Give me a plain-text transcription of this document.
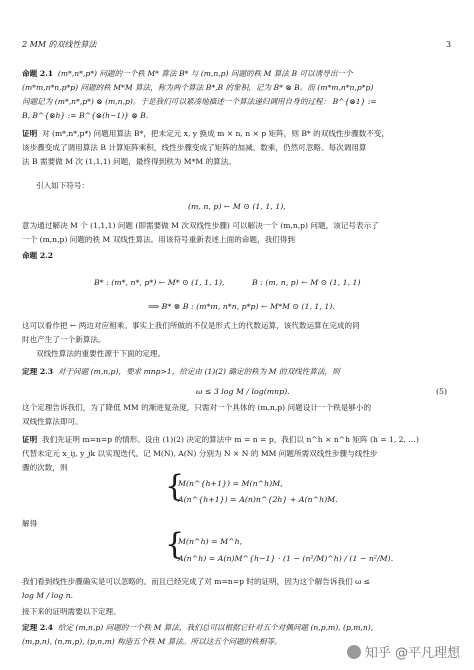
2 MM 的双线性算法	3
命题 2.1 (m*,n*,p*) 问题的一个秩 M* 算法 B* 与 (m,n,p) 问题的秩 M 算法 B 可以诱导出一个
(m*m,n*n,p*p) 问题的秩 M*M 算法，称为两个算法 B*,B 的象积，记为 B* ⊗ B。而 (m*m,n*n,p*p)
问题记为 (m*,n*,p*) ⊗ (m,n,p)。于是我们可以紧凑地描述一个算法递归调用自身的过程： B^{⊗1} :=
B, B^{⊗h} := B^{⊗(h−1)} ⊗ B.
证明 对 (m*,n*,p*) 问题用算法 B*，把未定元 x, y 换成 m × n, n × p 矩阵，则 B* 的双线性步骤数不变，
该步骤变成了调用算法 B 计算矩阵乘积，线性步骤变成了矩阵的加减、数乘，仍然可忽略。每次调用算
法 B 需要做 M 次 (1,1,1) 问题，最终得到秩为 M*M 的算法。
引入如下符号：
(m, n, p) ← M ⊙ (1, 1, 1),
意为通过解决 M 个 (1,1,1) 问题 (即需要做 M 次双线性步骤) 可以解决一个 (m,n,p) 问题，该记号表示了
一个 (m,n,p) 问题的秩 M 双线性算法。用该符号重新表述上面的命题，我们得到
命题 2.2
B* : (m*, n*, p*) ← M* ⊙ (1, 1, 1),	B : (m, n, p) ← M ⊙ (1, 1, 1)
⟹ B* ⊗ B : (m*m, n*n, p*p) ← M*M ⊙ (1, 1, 1).
这可以看作把 ← 两边对应相乘。事实上我们所做的不仅是形式上的代数运算，该代数运算在完成的同
时也产生了一个新算法。
双线性算法的重要性源于下面的定理。
定理 2.3 对于问题 (m,n,p)，要求 mnp>1，给定由 (1)(2) 确定的秩为 M 的双线性算法，则
ω ≤ 3 log M / log(mnp).	(5)
这个定理告诉我们，为了降低 MM 的渐进复杂度，只需对一个具体的 (m,n,p) 问题设计一个秩是够小的
双线性算法即可。
证明 我们先证明 m=n=p 的情形。设由 (1)(2) 决定的算法中 m = n = p，我们以 n^h × n^h 矩阵 (h = 1, 2, …)
代替未定元 x_ij, y_jk 以实现迭代。记 M(N), A(N) 分别为 N × N 的 MM 问题所需双线性步骤与线性步
骤的次数，则
{
M(n^{h+1}) = M(n^h)M,
A(n^{h+1}) = A(n)n^{2h} + A(n^h)M.
解得
{
M(n^h) = M^h,
A(n^h) = A(n)M^{h−1} · (1 − (n²/M)^h) / (1 − n²/M).
我们看到线性步骤确实是可以忽略的。而且已经完成了对 m=n=p 时的证明，因为这个解告诉我们 ω ≤
log M / log n.
接下来的证明需要以下定理。
定理 2.4 给定 (m,n,p) 问题的一个秩 M 算法，我们总可以根据它针对五个对偶问题 (n,p,m), (p,m,n),
(m,p,n), (n,m,p), (p,n,m) 构造五个秩 M 算法。所以这五个问题的秩相等。
知乎 @平凡理想
